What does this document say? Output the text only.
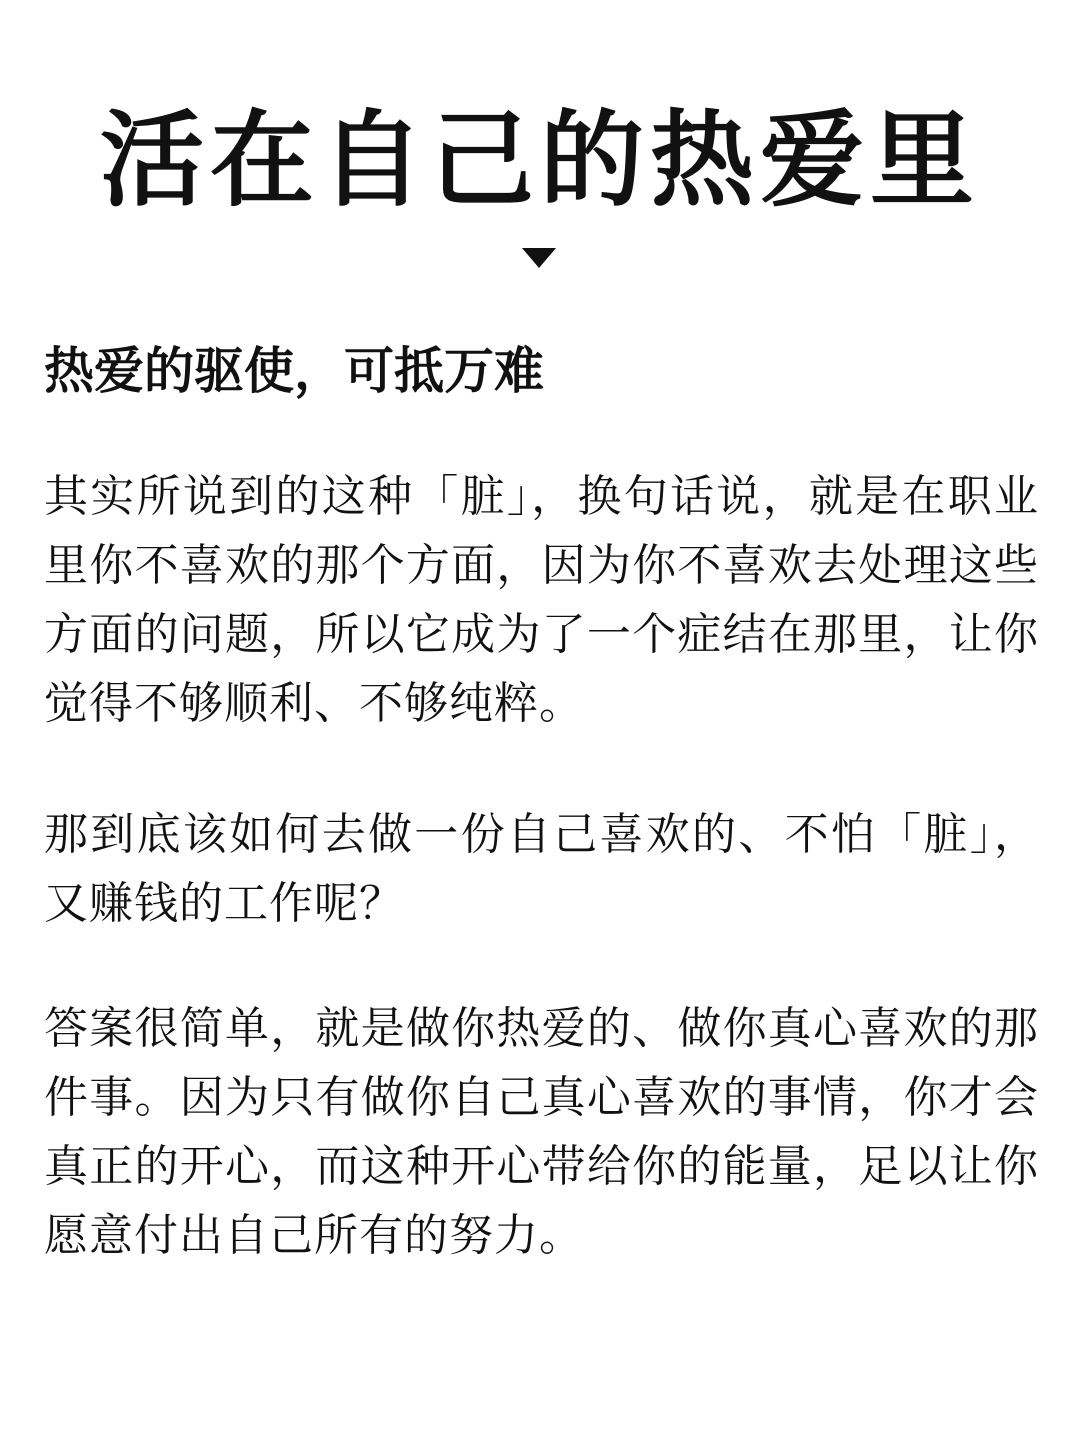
活在自己的热爱里
热爱的驱使，可抵万难

其实所说到的这种「脏」，换句话说，就是在职业里你不喜欢的那个方面，因为你不喜欢去处理这些方面的问题，所以它成为了一个症结在那里，让你觉得不够顺利、不够纯粹。

那到底该如何去做一份自己喜欢的、不怕「脏」，又赚钱的工作呢？

答案很简单，就是做你热爱的、做你真心喜欢的那件事。因为只有做你自己真心喜欢的事情，你才会真正的开心，而这种开心带给你的能量，足以让你愿意付出自己所有的努力。
